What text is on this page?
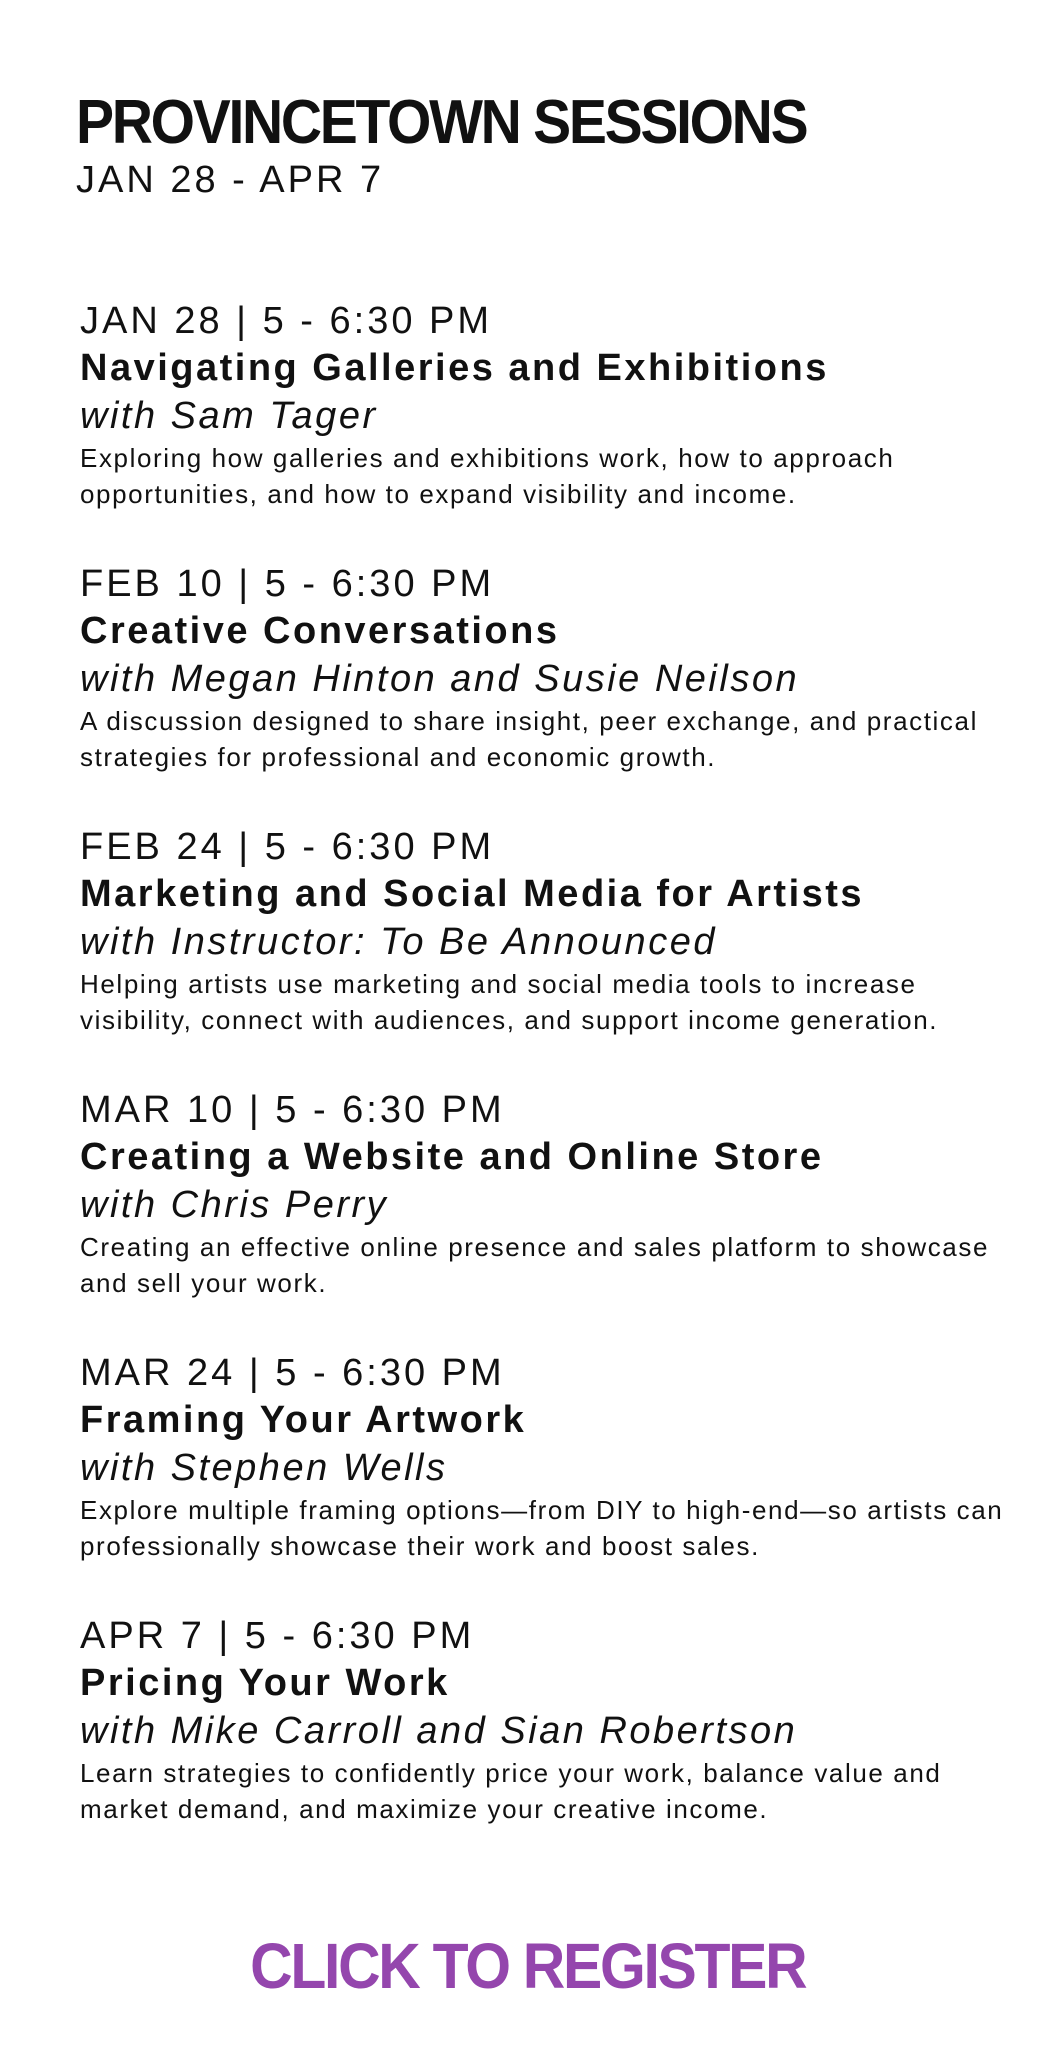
PROVINCETOWN SESSIONS
JAN 28 - APR 7
JAN 28 | 5 - 6:30 PM
Navigating Galleries and Exhibitions
with Sam Tager
Exploring how galleries and exhibitions work, how to approach opportunities, and how to expand visibility and income.
FEB 10 | 5 - 6:30 PM
Creative Conversations
with Megan Hinton and Susie Neilson
A discussion designed to share insight, peer exchange, and practical strategies for professional and economic growth.
FEB 24 | 5 - 6:30 PM
Marketing and Social Media for Artists
with Instructor: To Be Announced
Helping artists use marketing and social media tools to increase visibility, connect with audiences, and support income generation.
MAR 10 | 5 - 6:30 PM
Creating a Website and Online Store
with Chris Perry
Creating an effective online presence and sales platform to showcase and sell your work.
MAR 24 | 5 - 6:30 PM
Framing Your Artwork
with Stephen Wells
Explore multiple framing options—from DIY to high-end—so artists can professionally showcase their work and boost sales.
APR 7 | 5 - 6:30 PM
Pricing Your Work
with Mike Carroll and Sian Robertson
Learn strategies to confidently price your work, balance value and market demand, and maximize your creative income.
CLICK TO REGISTER
